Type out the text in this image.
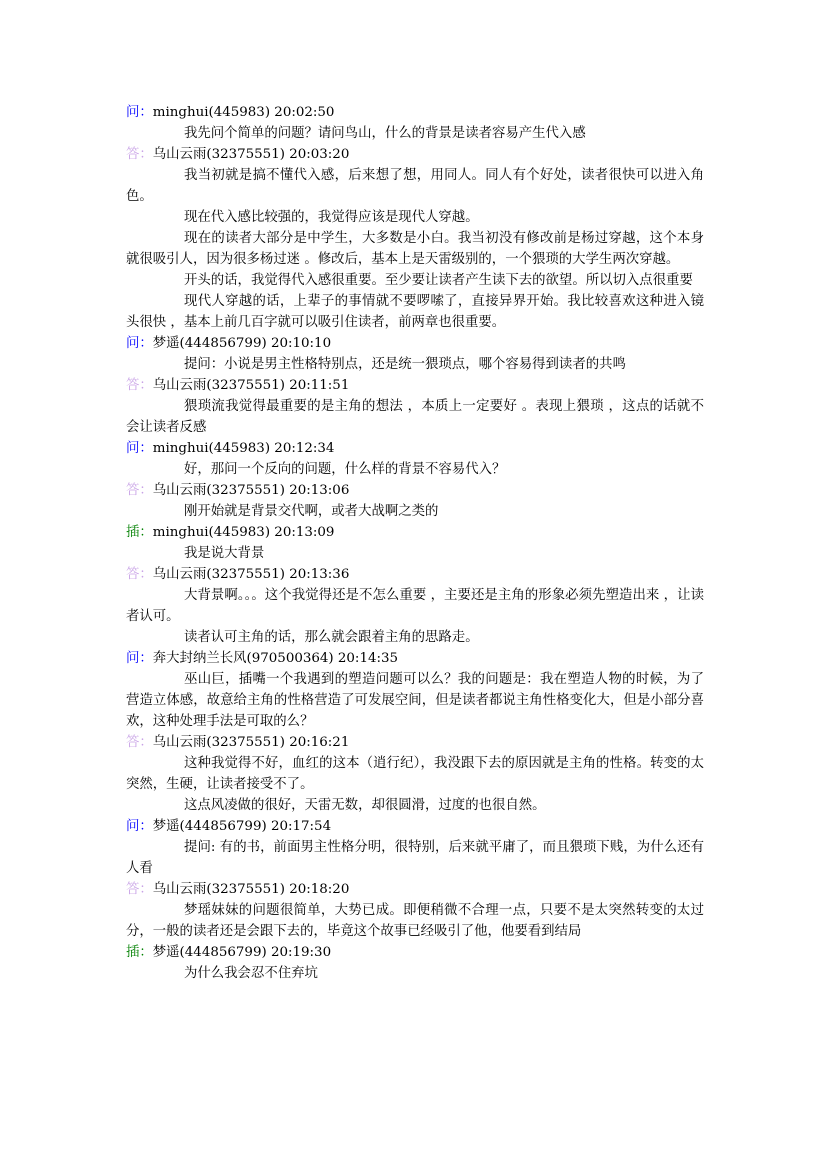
问：minghui(445983) 20:02:50
我先问个简单的问题？请问鸟山，什么的背景是读者容易产生代入感
答：乌山云雨(32375551) 20:03:20
我当初就是搞不懂代入感，后来想了想，用同人。同人有个好处，读者很快可以进入角色。
现在代入感比较强的，我觉得应该是现代人穿越。
现在的读者大部分是中学生，大多数是小白。我当初没有修改前是杨过穿越，这个本身就很吸引人，因为很多杨过迷 。修改后，基本上是天雷级别的，一个猥琐的大学生两次穿越。
开头的话，我觉得代入感很重要。至少要让读者产生读下去的欲望。所以切入点很重要
现代人穿越的话，上辈子的事情就不要啰嗦了，直接异界开始。我比较喜欢这种进入镜头很快 ，基本上前几百字就可以吸引住读者，前两章也很重要。
问：梦遥(444856799) 20:10:10
提问：小说是男主性格特别点，还是统一猥琐点，哪个容易得到读者的共鸣
答：乌山云雨(32375551) 20:11:51
猥琐流我觉得最重要的是主角的想法 ，本质上一定要好 。表现上猥琐 ，这点的话就不会让读者反感
问：minghui(445983) 20:12:34
好，那问一个反向的问题，什么样的背景不容易代入？
答：乌山云雨(32375551) 20:13:06
刚开始就是背景交代啊，或者大战啊之类的
插：minghui(445983) 20:13:09
我是说大背景
答：乌山云雨(32375551) 20:13:36
大背景啊。。。这个我觉得还是不怎么重要 ，主要还是主角的形象必须先塑造出来 ，让读者认可。
读者认可主角的话，那么就会跟着主角的思路走。
问：奔大封纳兰长风(970500364) 20:14:35
巫山巨，插嘴一个我遇到的塑造问题可以么？我的问题是：我在塑造人物的时候，为了营造立体感，故意给主角的性格营造了可发展空间，但是读者都说主角性格变化大，但是小部分喜欢，这种处理手法是可取的么？
答：乌山云雨(32375551) 20:16:21
这种我觉得不好，血红的这本（逍行纪），我没跟下去的原因就是主角的性格。转变的太突然，生硬，让读者接受不了。
这点风凌做的很好，天雷无数，却很圆滑，过度的也很自然。
问：梦遥(444856799) 20:17:54
提问: 有的书，前面男主性格分明，很特别，后来就平庸了，而且猥琐下贱，为什么还有人看
答：乌山云雨(32375551) 20:18:20
梦瑶妹妹的问题很简单，大势已成。即便稍微不合理一点，只要不是太突然转变的太过分，一般的读者还是会跟下去的，毕竟这个故事已经吸引了他，他要看到结局
插：梦遥(444856799) 20:19:30
为什么我会忍不住弃坑
